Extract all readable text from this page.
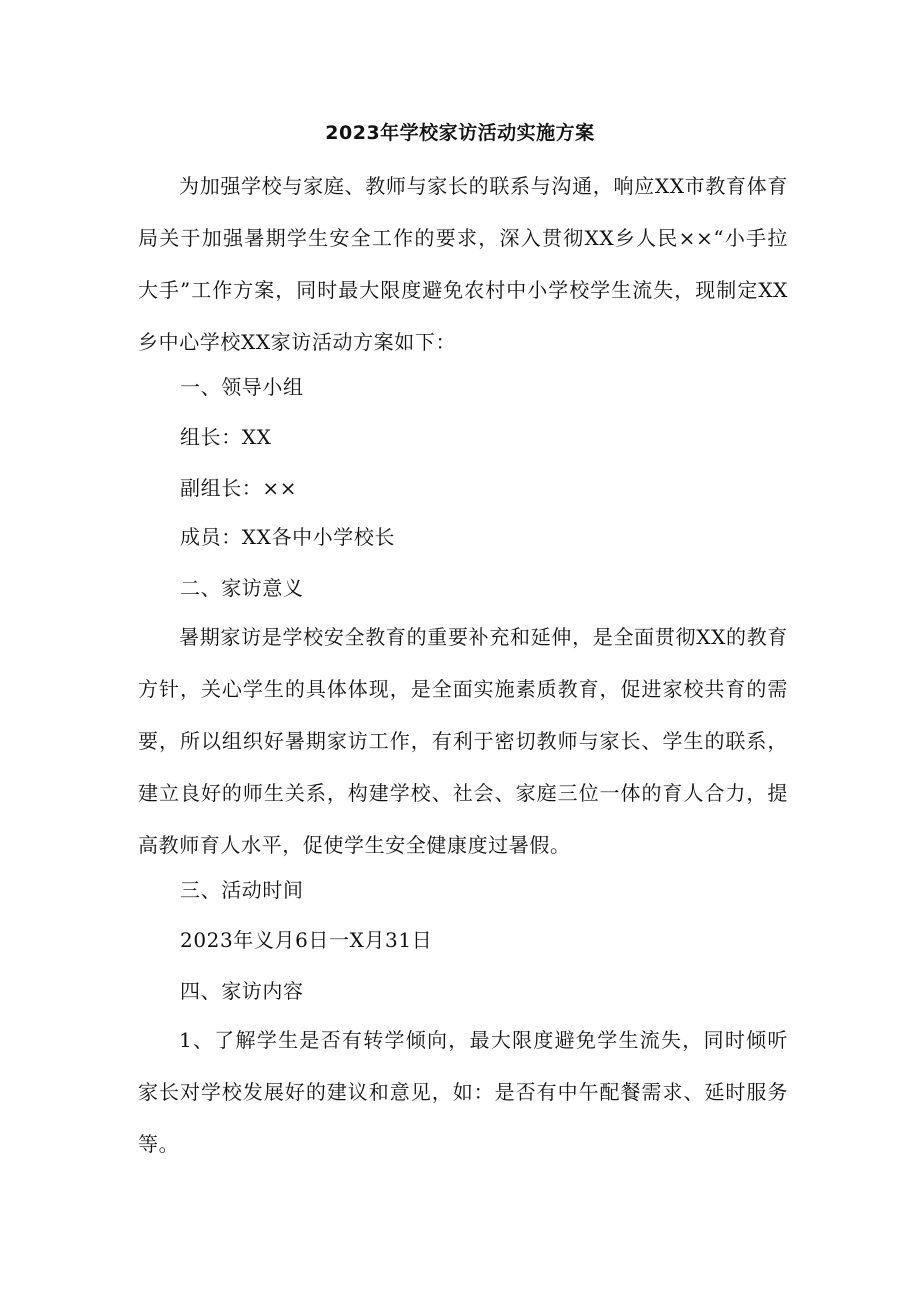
2023年学校家访活动实施方案

为加强学校与家庭、教师与家长的联系与沟通，响应XX市教育体育局关于加强暑期学生安全工作的要求，深入贯彻XX乡人民××“小手拉大手”工作方案，同时最大限度避免农村中小学校学生流失，现制定XX乡中心学校XX家访活动方案如下：

一、领导小组
组长：XX
副组长：××
成员：XX各中小学校长
二、家访意义

暑期家访是学校安全教育的重要补充和延伸，是全面贯彻XX的教育方针，关心学生的具体体现，是全面实施素质教育，促进家校共育的需要，所以组织好暑期家访工作，有利于密切教师与家长、学生的联系，建立良好的师生关系，构建学校、社会、家庭三位一体的育人合力，提高教师育人水平，促使学生安全健康度过暑假。

三、活动时间
2023年义月6日一X月31日
四、家访内容

1、了解学生是否有转学倾向，最大限度避免学生流失，同时倾听家长对学校发展好的建议和意见，如：是否有中午配餐需求、延时服务等。
